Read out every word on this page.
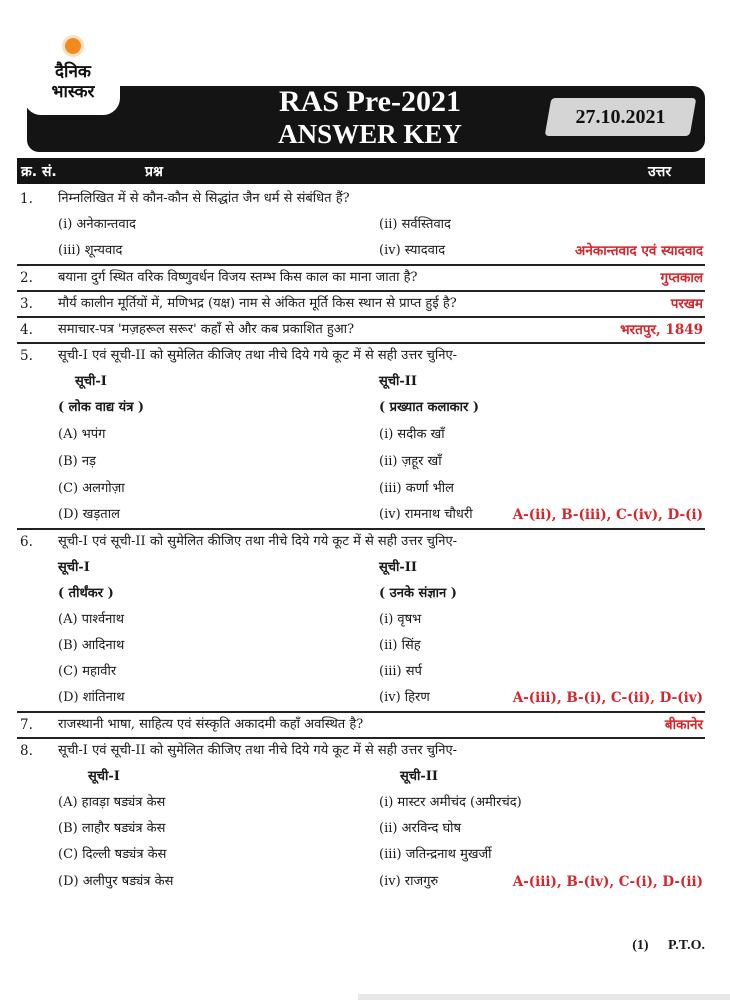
दैनिक
भास्कर	RAS Pre-2021
ANSWER KEY
27.10.2021
क्र. सं.	प्रश्न	उत्तर
1.	निम्नलिखित में से कौन-कौन से सिद्धांत जैन धर्म से संबंधित हैं?
(i) अनेकान्तवाद	(ii) सर्वस्तिवाद
(iii) शून्यवाद	(iv) स्यादवाद	अनेकान्तवाद एवं स्यादवाद
2.	बयाना दुर्ग स्थित वरिक विष्णुवर्धन विजय स्तम्भ किस काल का माना जाता है?	गुप्तकाल
3.	मौर्य कालीन मूर्तियों में, मणिभद्र (यक्ष) नाम से अंकित मूर्ति किस स्थान से प्राप्त हुई है?	परखम
4.	समाचार-पत्र 'मज़हरूल सरूर' कहाँ से और कब प्रकाशित हुआ?	भरतपुर, 1849
5.	सूची-I एवं सूची-II को सुमेलित कीजिए तथा नीचे दिये गये कूट में से सही उत्तर चुनिए-
सूची-I	सूची-II
( लोक वाद्य यंत्र )	( प्रख्यात कलाकार )
(A) भपंग	(i) सदीक खाँ
(B) नड़	(ii) ज़हूर खाँ
(C) अलगोज़ा	(iii) कर्णा भील
(D) खड़ताल	(iv) रामनाथ चौधरी	A-(ii), B-(iii), C-(iv), D-(i)
6.	सूची-I एवं सूची-II को सुमेलित कीजिए तथा नीचे दिये गये कूट में से सही उत्तर चुनिए-
सूची-I	सूची-II
( तीर्थंकर )	( उनके संज्ञान )
(A) पार्श्वनाथ	(i) वृषभ
(B) आदिनाथ	(ii) सिंह
(C) महावीर	(iii) सर्प
(D) शांतिनाथ	(iv) हिरण	A-(iii), B-(i), C-(ii), D-(iv)
7.	राजस्थानी भाषा, साहित्य एवं संस्कृति अकादमी कहाँ अवस्थित है?	बीकानेर
8.	सूची-I एवं सूची-II को सुमेलित कीजिए तथा नीचे दिये गये कूट में से सही उत्तर चुनिए-
सूची-I	सूची-II
(A) हावड़ा षड्यंत्र केस	(i) मास्टर अमीचंद (अमीरचंद)
(B) लाहौर षड्यंत्र केस	(ii) अरविन्द घोष
(C) दिल्ली षड्यंत्र केस	(iii) जतिन्द्रनाथ मुखर्जी
(D) अलीपुर षड्यंत्र केस	(iv) राजगुरु	A-(iii), B-(iv), C-(i), D-(ii)
(1) P.T.O.
